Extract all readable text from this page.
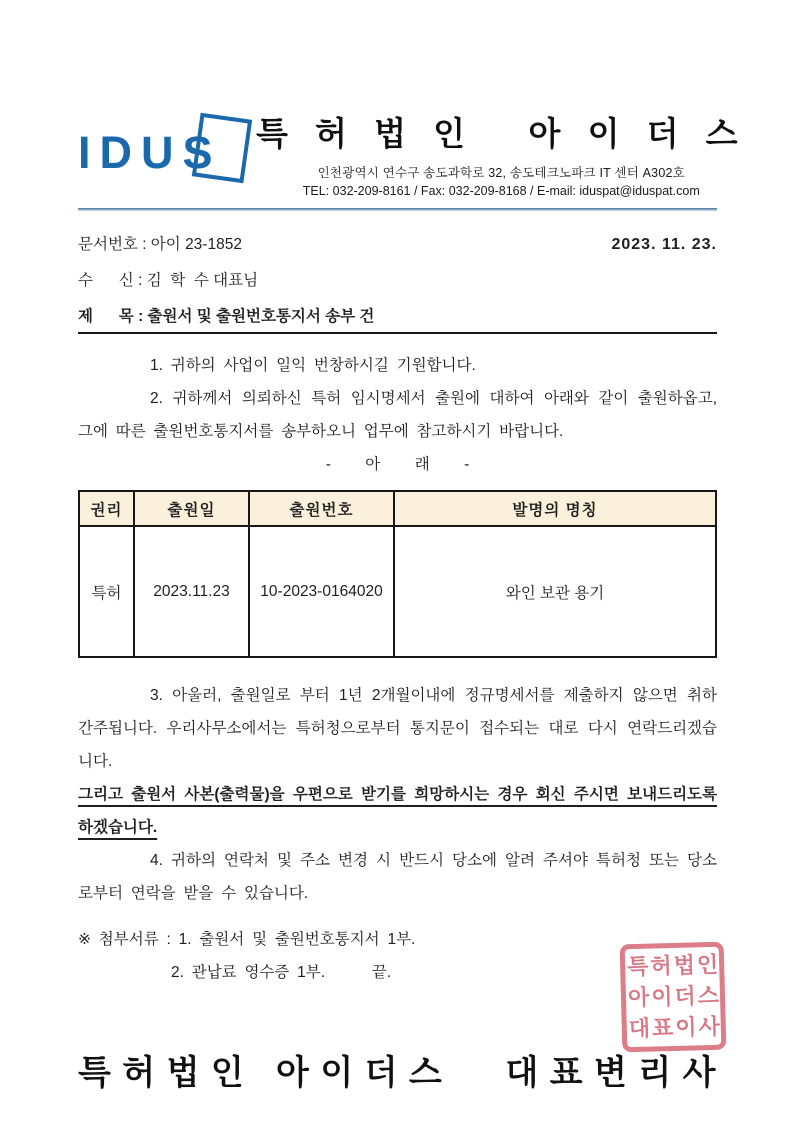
IDUS	특 허 법 인   아 이 더 스
인천광역시 연수구 송도과학로 32, 송도테크노파크 IT 센터 A302호
TEL: 032-209-8161 / Fax: 032-209-8168 / E-mail: iduspat@iduspat.com
문서번호 : 아이 23-1852	2023. 11. 23.
수      신 : 김  학  수 대표님
제      목 : 출원서 및 출원번호통지서 송부 건

1. 귀하의 사업이 일익 번창하시길 기원합니다.

2. 귀하께서 의뢰하신 특허 임시명세서 출원에 대하여 아래와 같이 출원하옵고, 그에 따른 출원번호통지서를 송부하오니 업무에 참고하시기 바랍니다.

-        아        래        -

권리	출원일	출원번호	발명의 명칭
특허	2023.11.23	10-2023-0164020	와인 보관 용기

3. 아울러, 출원일로 부터 1년 2개월이내에 정규명세서를 제출하지 않으면 취하간주됩니다. 우리사무소에서는 특허청으로부터 통지문이 접수되는 대로 다시 연락드리겠습니다.

그리고 출원서 사본(출력물)을 우편으로 받기를 희망하시는 경우 회신 주시면 보내드리도록 하겠습니다.

4. 귀하의 연락처 및 주소 변경 시 반드시 당소에 알려 주셔야 특허청 또는 당소로부터 연락을 받을 수 있습니다.

※ 첨부서류 : 1. 출원서 및 출원번호통지서 1부.

2. 관납료 영수증 1부.      끝.

특 허 법 인   아 이 더 스      대 표 변 리 사
특허법인
아이더스
대표이사
